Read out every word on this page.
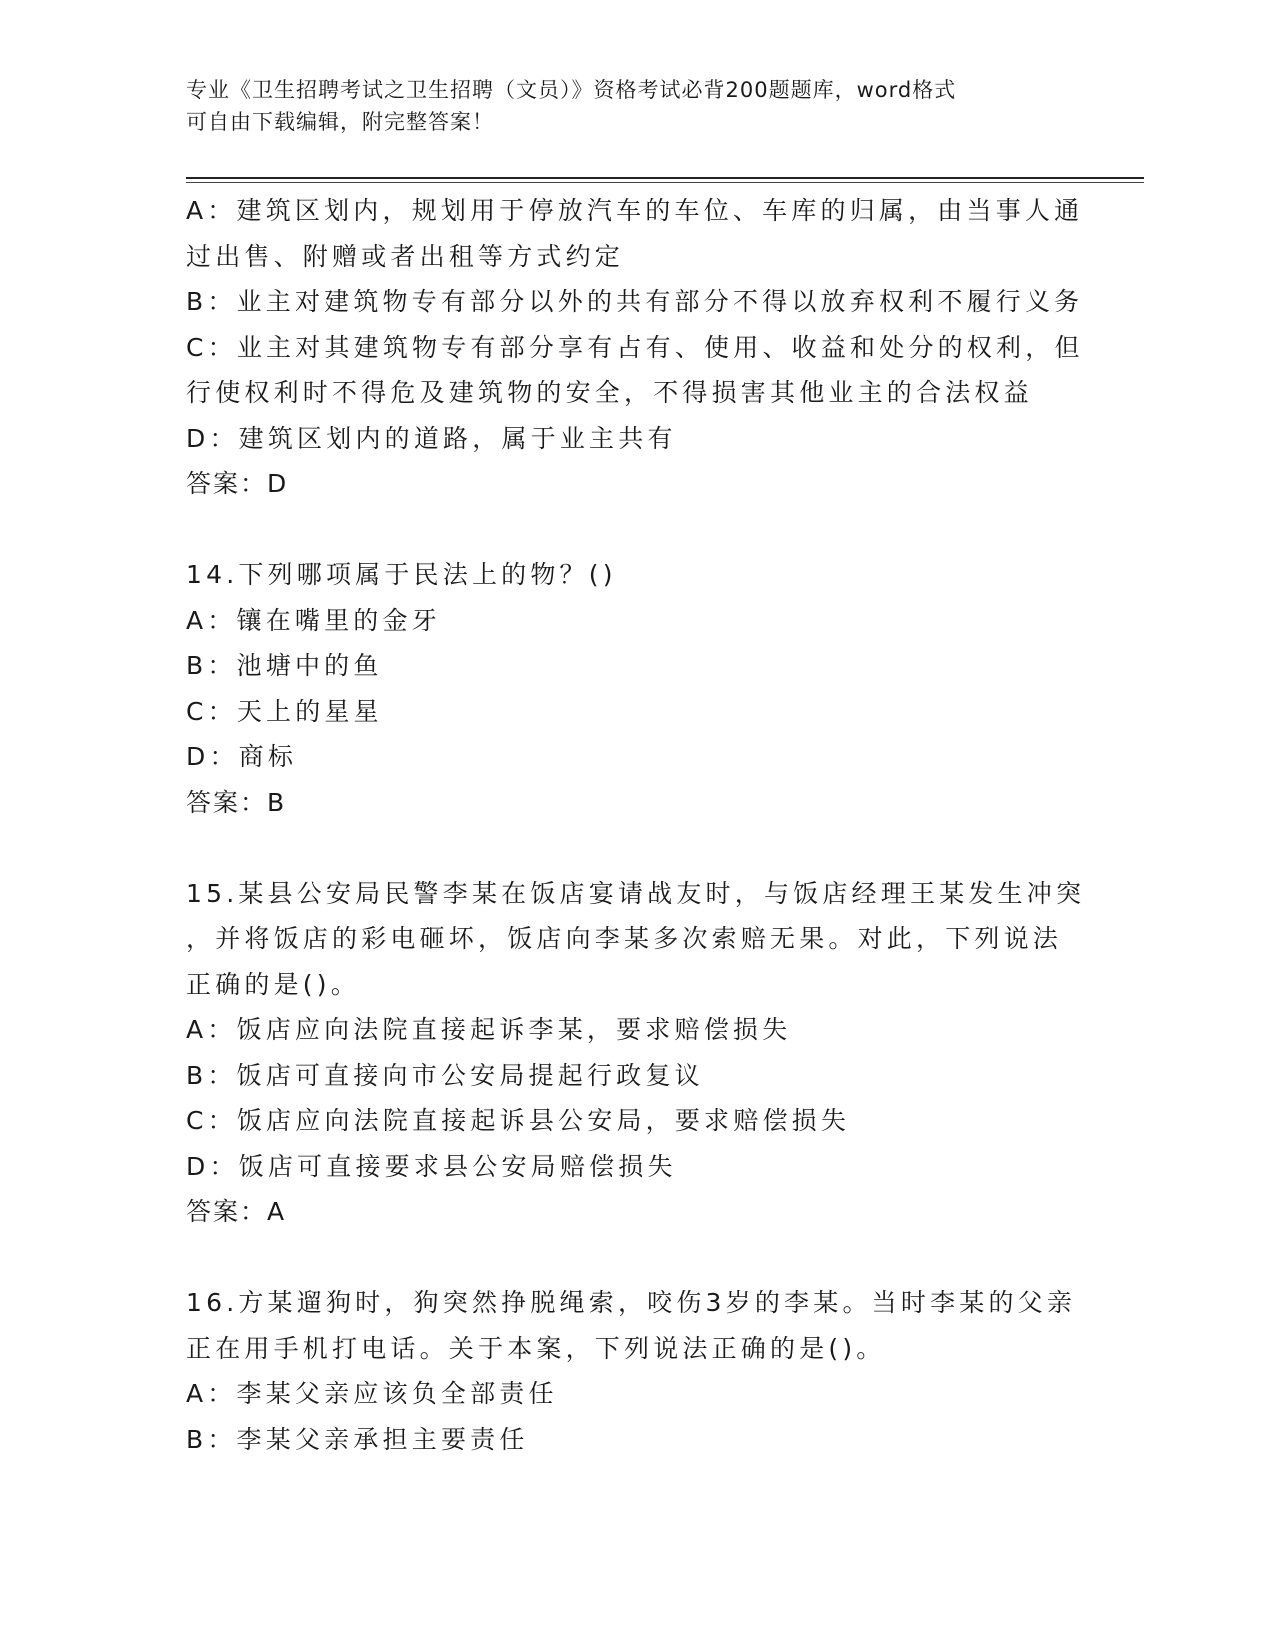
专业《卫生招聘考试之卫生招聘（文员）》资格考试必背200题题库，word格式
可自由下载编辑，附完整答案！
A：建筑区划内，规划用于停放汽车的车位、车库的归属，由当事人通
过出售、附赠或者出租等方式约定
B：业主对建筑物专有部分以外的共有部分不得以放弃权利不履行义务
C：业主对其建筑物专有部分享有占有、使用、收益和处分的权利，但
行使权利时不得危及建筑物的安全，不得损害其他业主的合法权益
D：建筑区划内的道路，属于业主共有
答案：D
14.下列哪项属于民法上的物？()
A：镶在嘴里的金牙
B：池塘中的鱼
C：天上的星星
D：商标
答案：B
15.某县公安局民警李某在饭店宴请战友时，与饭店经理王某发生冲突
，并将饭店的彩电砸坏，饭店向李某多次索赔无果。对此，下列说法
正确的是()。
A：饭店应向法院直接起诉李某，要求赔偿损失
B：饭店可直接向市公安局提起行政复议
C：饭店应向法院直接起诉县公安局，要求赔偿损失
D：饭店可直接要求县公安局赔偿损失
答案：A
16.方某遛狗时，狗突然挣脱绳索，咬伤3岁的李某。当时李某的父亲
正在用手机打电话。关于本案，下列说法正确的是()。
A：李某父亲应该负全部责任
B：李某父亲承担主要责任
